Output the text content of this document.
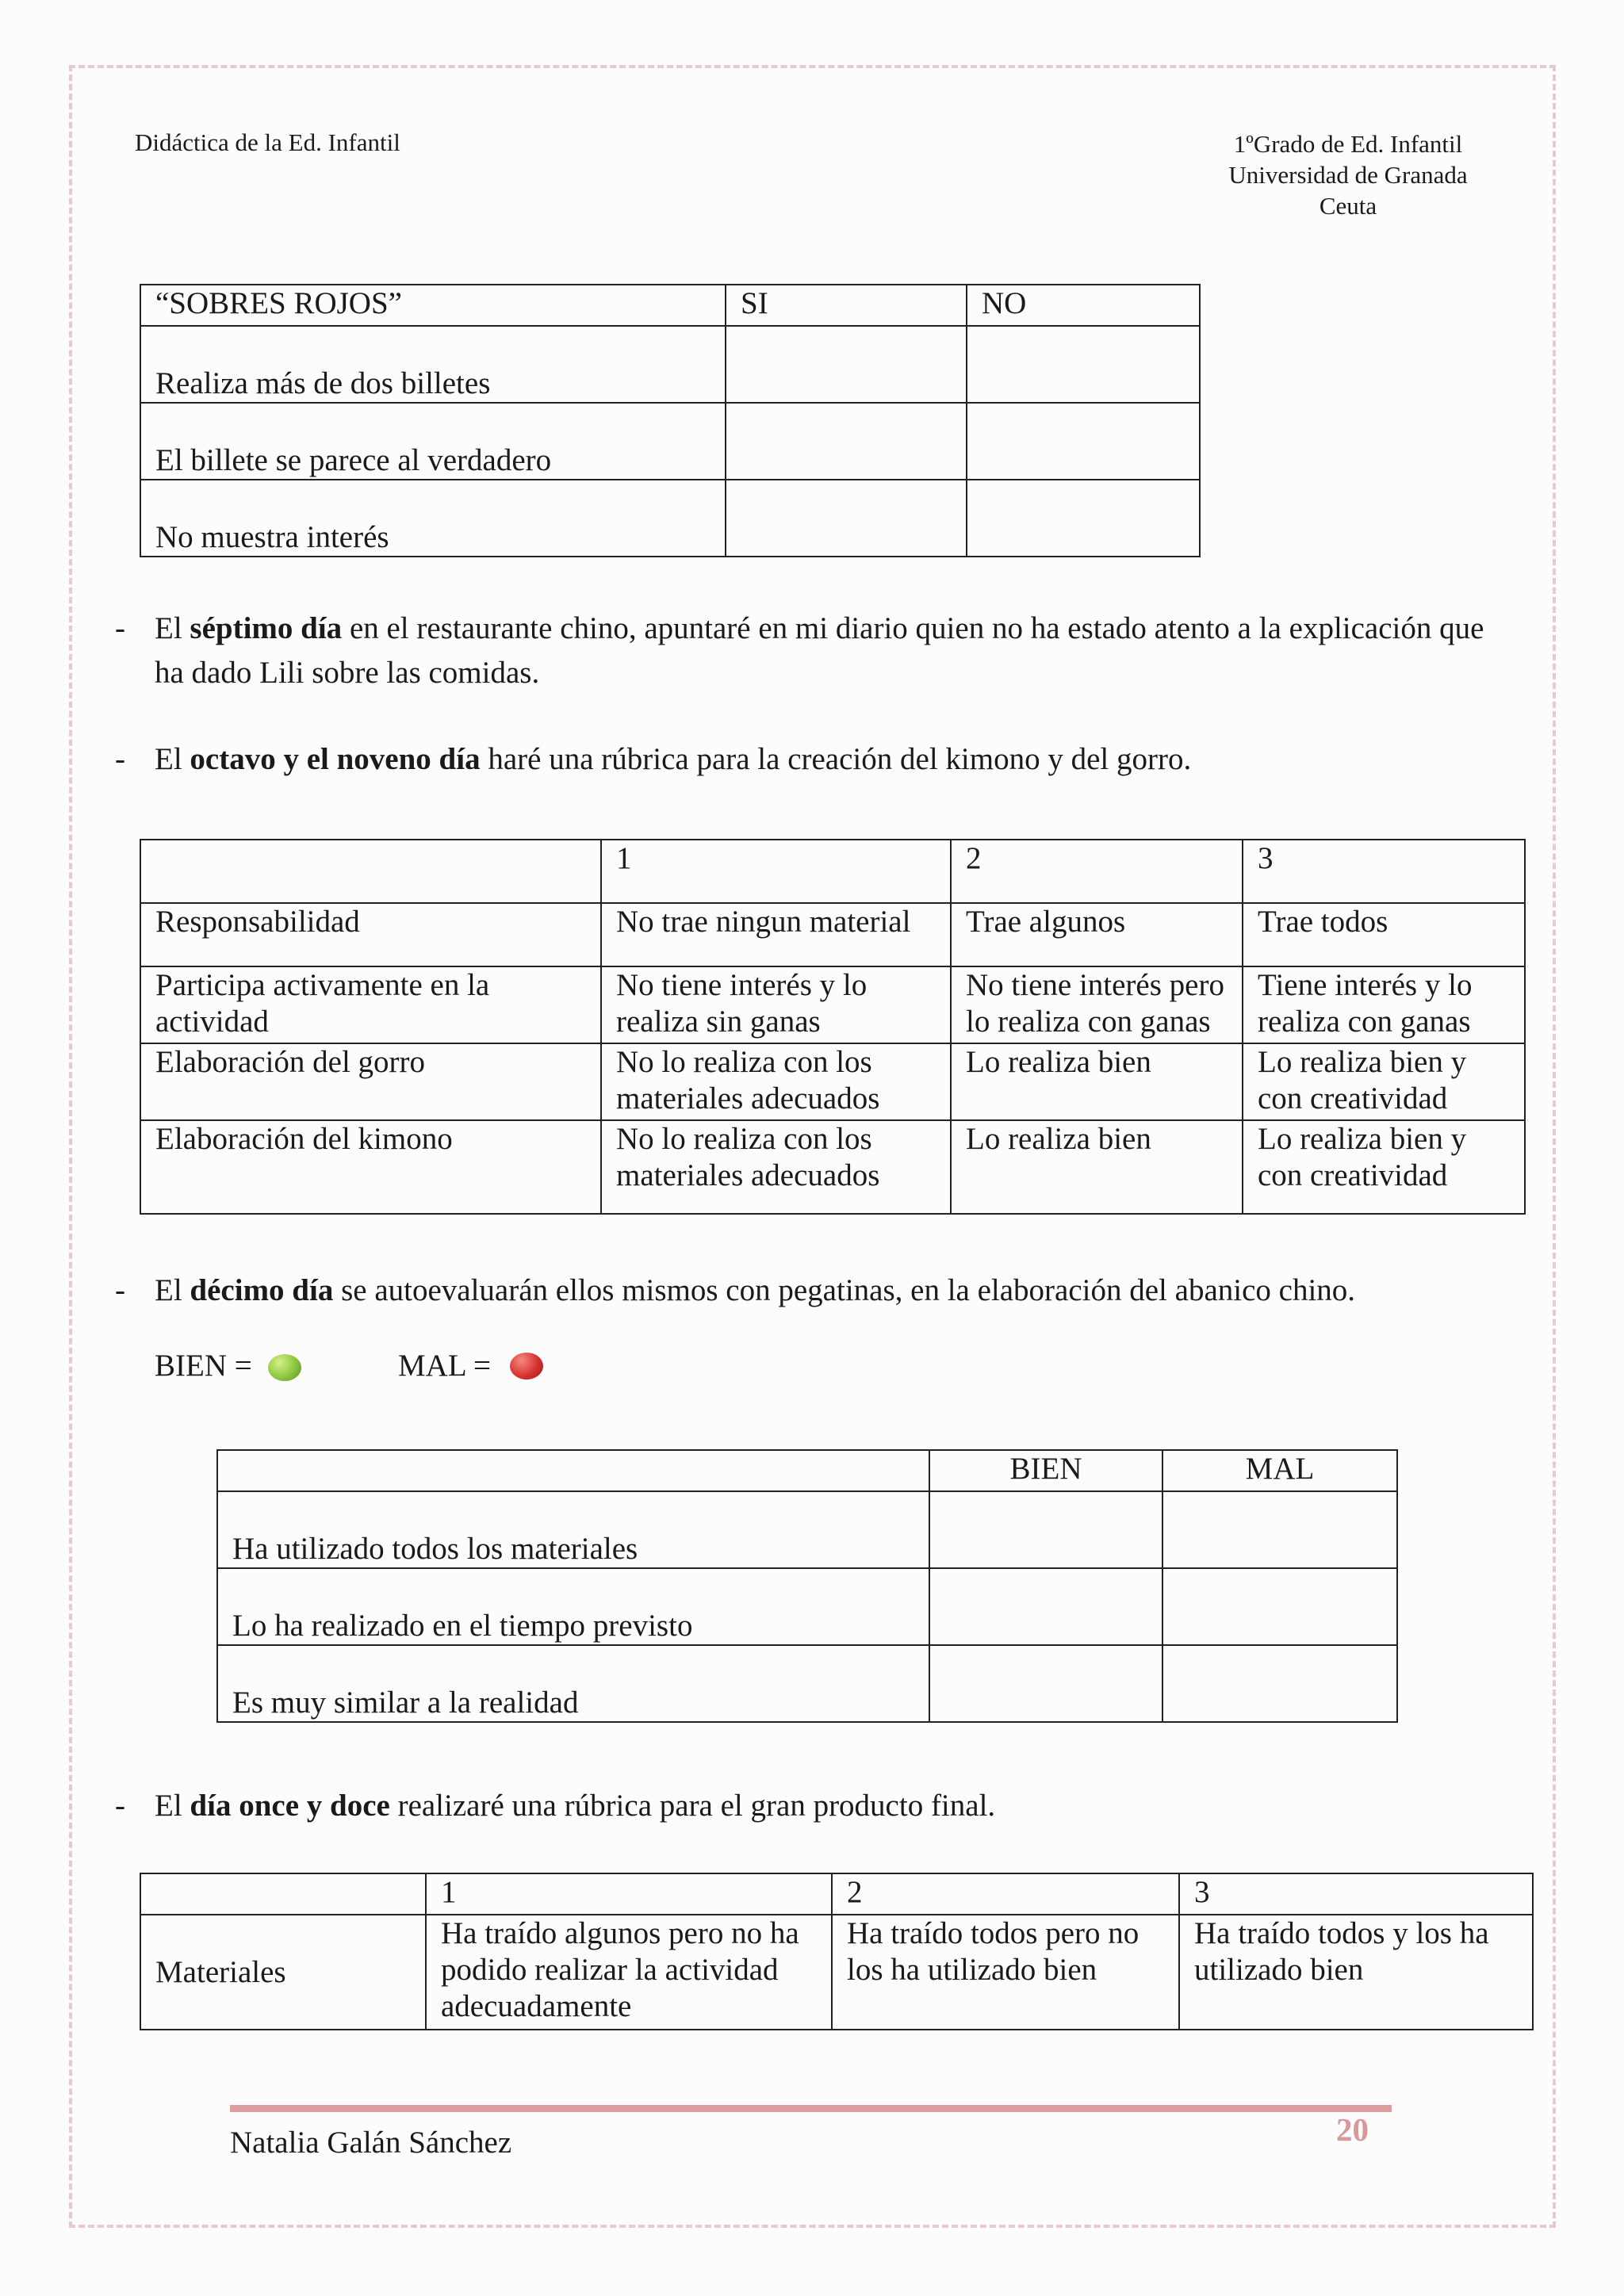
Didáctica de la Ed. Infantil	1ºGrado de Ed. Infantil
Universidad de Granada
Ceuta
“SOBRES ROJOS”	SI	NO
Realiza más de dos billetes		
El billete se parece al verdadero		
No muestra interés		
- El séptimo día en el restaurante chino, apuntaré en mi diario quien no ha estado atento a la explicación que ha dado Lili sobre las comidas.
- El octavo y el noveno día haré una rúbrica para la creación del kimono y del gorro.
	1	2	3
Responsabilidad	No trae ningun material	Trae algunos	Trae todos
Participa activamente en la actividad	No tiene interés y lo realiza sin ganas	No tiene interés pero lo realiza con ganas	Tiene interés y lo realiza con ganas
Elaboración del gorro	No lo realiza con los materiales adecuados	Lo realiza bien	Lo realiza bien y con creatividad
Elaboración del kimono	No lo realiza con los materiales adecuados	Lo realiza bien	Lo realiza bien y con creatividad
- El décimo día se autoevaluarán ellos mismos con pegatinas, en la elaboración del abanico chino.
BIEN =	MAL =
	BIEN	MAL
Ha utilizado todos los materiales		
Lo ha realizado en el tiempo previsto		
Es muy similar a la realidad		
- El día once y doce realizaré una rúbrica para el gran producto final.
	1	2	3
Materiales	Ha traído algunos pero no ha podido realizar la actividad adecuadamente	Ha traído todos pero no los ha utilizado bien	Ha traído todos y los ha utilizado bien
Natalia Galán Sánchez	20
